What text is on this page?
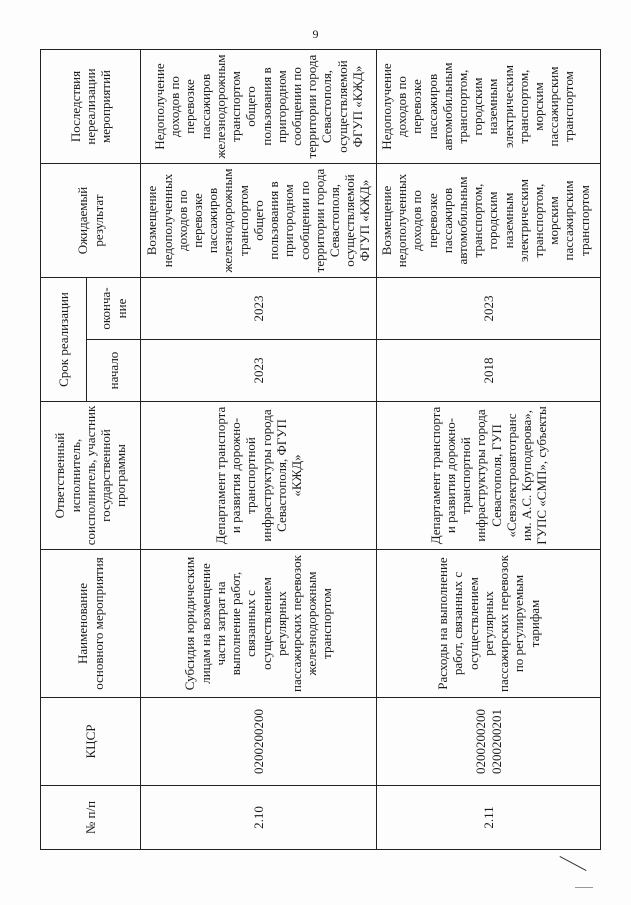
9
№ п/п	КЦСР	Наименование основного мероприятия	Ответственный исполнитель, соисполнитель, участник государственной программы	Срок реализации		Ожидаемый результат	Последствия нереализации мероприятий
				начало	оконча-ние		
2.10	0200200200	Субсидия юридическим лицам на возмещение части затрат на выполнение работ, связанных с осуществлением регулярных пассажирских перевозок железнодорожным транспортом	Департамент транспорта и развития дорожно-транспортной инфраструктуры города Севастополя, ФГУП «КЖД»	2023	2023	Возмещение недополученных доходов по перевозке пассажиров железнодорожным транспортом общего пользования в пригородном сообщении по территории города Севастополя, осуществляемой ФГУП «КЖД»	Недополучение доходов по перевозке пассажиров железнодорожным транспортом общего пользования в пригородном сообщении по территории города Севастополя, осуществляемой ФГУП «КЖД»
2.11	0200200200 0200200201	Расходы на выполнение работ, связанных с осуществлением регулярных пассажирских перевозок по регулируемым тарифам	Департамент транспорта и развития дорожно-транспортной инфраструктуры города Севастополя, ГУП «Севэлектроавтотранс им. А.С. Круподерова», ГУПС «СМП», субъекты	2018	2023	Возмещение недополученных доходов по перевозке пассажиров автомобильным транспортом, городским наземным электрическим транспортом, морским пассажирским транспортом	Недополучение доходов по перевозке пассажиров автомобильным транспортом, городским наземным электрическим транспортом, морским пассажирским транспортом
